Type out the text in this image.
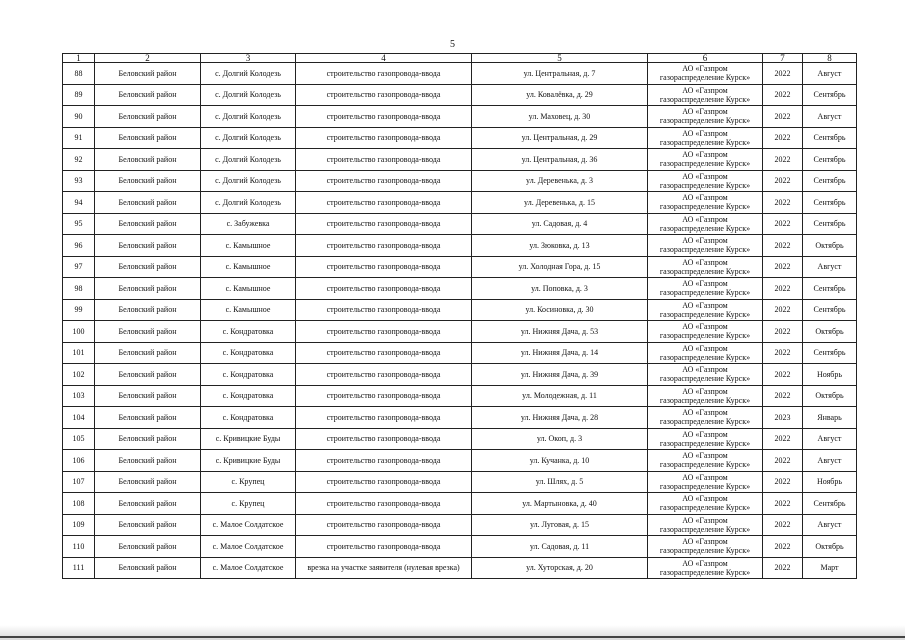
5
1	2	3	4	5	6	7	8
88	Беловский район	с. Долгий Колодезь	строительство газопровода-ввода	ул. Центральная, д. 7	АО «Газпром
газораспределение Курск»	2022	Август
89	Беловский район	с. Долгий Колодезь	строительство газопровода-ввода	ул. Ковалёвка, д. 29	АО «Газпром
газораспределение Курск»	2022	Сентябрь
90	Беловский район	с. Долгий Колодезь	строительство газопровода-ввода	ул. Маховец, д. 30	АО «Газпром
газораспределение Курск»	2022	Август
91	Беловский район	с. Долгий Колодезь	строительство газопровода-ввода	ул. Центральная, д. 29	АО «Газпром
газораспределение Курск»	2022	Сентябрь
92	Беловский район	с. Долгий Колодезь	строительство газопровода-ввода	ул. Центральная, д. 36	АО «Газпром
газораспределение Курск»	2022	Сентябрь
93	Беловский район	с. Долгий Колодезь	строительство газопровода-ввода	ул. Деревенька, д. 3	АО «Газпром
газораспределение Курск»	2022	Сентябрь
94	Беловский район	с. Долгий Колодезь	строительство газопровода-ввода	ул. Деревенька, д. 15	АО «Газпром
газораспределение Курск»	2022	Сентябрь
95	Беловский район	с. Забужевка	строительство газопровода-ввода	ул. Садовая, д. 4	АО «Газпром
газораспределение Курск»	2022	Сентябрь
96	Беловский район	с. Камышное	строительство газопровода-ввода	ул. Зюковка, д. 13	АО «Газпром
газораспределение Курск»	2022	Октябрь
97	Беловский район	с. Камышное	строительство газопровода-ввода	ул. Холодная Гора, д. 15	АО «Газпром
газораспределение Курск»	2022	Август
98	Беловский район	с. Камышное	строительство газопровода-ввода	ул. Поповка, д. 3	АО «Газпром
газораспределение Курск»	2022	Сентябрь
99	Беловский район	с. Камышное	строительство газопровода-ввода	ул. Косиновка, д. 30	АО «Газпром
газораспределение Курск»	2022	Сентябрь
100	Беловский район	с. Кондратовка	строительство газопровода-ввода	ул. Нижняя Дача, д. 53	АО «Газпром
газораспределение Курск»	2022	Октябрь
101	Беловский район	с. Кондратовка	строительство газопровода-ввода	ул. Нижняя Дача, д. 14	АО «Газпром
газораспределение Курск»	2022	Сентябрь
102	Беловский район	с. Кондратовка	строительство газопровода-ввода	ул. Нижняя Дача, д. 39	АО «Газпром
газораспределение Курск»	2022	Ноябрь
103	Беловский район	с. Кондратовка	строительство газопровода-ввода	ул. Молодежная, д. 11	АО «Газпром
газораспределение Курск»	2022	Октябрь
104	Беловский район	с. Кондратовка	строительство газопровода-ввода	ул. Нижняя Дача, д. 28	АО «Газпром
газораспределение Курск»	2023	Январь
105	Беловский район	с. Кривицкие Буды	строительство газопровода-ввода	ул. Окоп, д. 3	АО «Газпром
газораспределение Курск»	2022	Август
106	Беловский район	с. Кривицкие Буды	строительство газопровода-ввода	ул. Кучанка, д. 10	АО «Газпром
газораспределение Курск»	2022	Август
107	Беловский район	с. Крупец	строительство газопровода-ввода	ул. Шлях, д. 5	АО «Газпром
газораспределение Курск»	2022	Ноябрь
108	Беловский район	с. Крупец	строительство газопровода-ввода	ул. Мартыновка, д. 40	АО «Газпром
газораспределение Курск»	2022	Сентябрь
109	Беловский район	с. Малое Солдатское	строительство газопровода-ввода	ул. Луговая, д. 15	АО «Газпром
газораспределение Курск»	2022	Август
110	Беловский район	с. Малое Солдатское	строительство газопровода-ввода	ул. Садовая, д. 11	АО «Газпром
газораспределение Курск»	2022	Октябрь
111	Беловский район	с. Малое Солдатское	врезка на участке заявителя (нулевая врезка)	ул. Хуторская, д. 20	АО «Газпром
газораспределение Курск»	2022	Март
